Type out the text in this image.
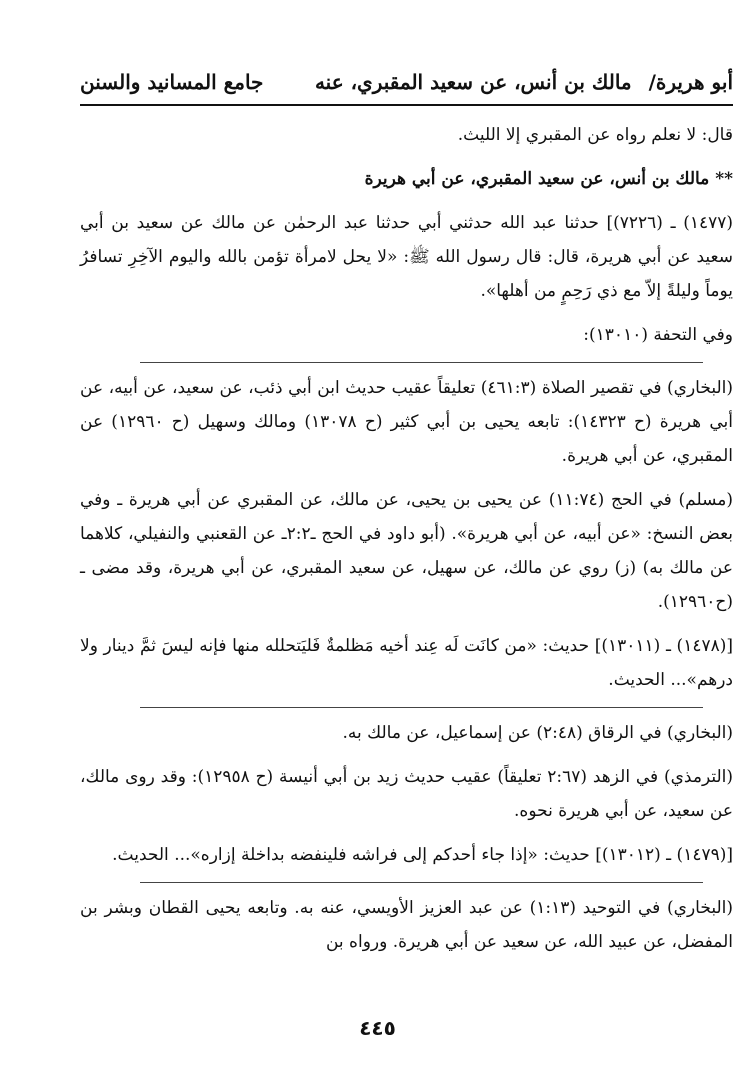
أبو هريرة/ مالك بن أنس، عن سعيد المقبري، عنه
جامع المسانيد والسنن

قال: لا نعلم رواه عن المقبري إلا الليث.

** مالك بن أنس، عن سعيد المقبري، عن أبي هريرة

(١٤٧٧) ـ (٧٢٢٦)] حدثنا عبد الله حدثني أبي حدثنا عبد الرحمٰن عن مالك عن سعيد بن أبي سعيد عن أبي هريرة، قال: قال رسول الله ﷺ: «لا يحل لامرأة تؤمن بالله واليوم الآخِرِ تسافرُ يوماً وليلةً إلاّ مع ذي رَحِمٍ من أهلها».

وفي التحفة (١٣٠١٠):

(البخاري) في تقصير الصلاة (٤٦١:٣) تعليقاً عقيب حديث ابن أبي ذئب، عن سعيد، عن أبيه، عن أبي هريرة (ح ١٤٣٢٣): تابعه يحيى بن أبي كثير (ح ١٣٠٧٨) ومالك وسهيل (ح ١٢٩٦٠) عن المقبري، عن أبي هريرة.

(مسلم) في الحج (١١:٧٤) عن يحيى بن يحيى، عن مالك، عن المقبري عن أبي هريرة ـ وفي بعض النسخ: «عن أبيه، عن أبي هريرة». (أبو داود في الحج ـ٢:٢ـ عن القعنبي والنفيلي، كلاهما عن مالك به) (ز) روي عن مالك، عن سهيل، عن سعيد المقبري، عن أبي هريرة، وقد مضى ـ (ح١٢٩٦٠).

[(١٤٧٨) ـ (١٣٠١١)] حديث: «من كانَت لَه عِند أخيه مَظلمةٌ فَليَتحلله منها فإنه ليسَ ثمَّ دينار ولا درهم»... الحديث.

(البخاري) في الرقاق (٢:٤٨) عن إسماعيل، عن مالك به.

(الترمذي) في الزهد (٢:٦٧ تعليقاً) عقيب حديث زيد بن أبي أنيسة (ح ١٢٩٥٨): وقد روى مالك، عن سعيد، عن أبي هريرة نحوه.

[(١٤٧٩) ـ (١٣٠١٢)] حديث: «إذا جاء أحدكم إلى فراشه فلينفضه بداخلة إزاره»... الحديث.

(البخاري) في التوحيد (١:١٣) عن عبد العزيز الأويسي، عنه به. وتابعه يحيى القطان وبشر بن المفضل، عن عبيد الله، عن سعيد عن أبي هريرة. ورواه بن

٤٤٥
